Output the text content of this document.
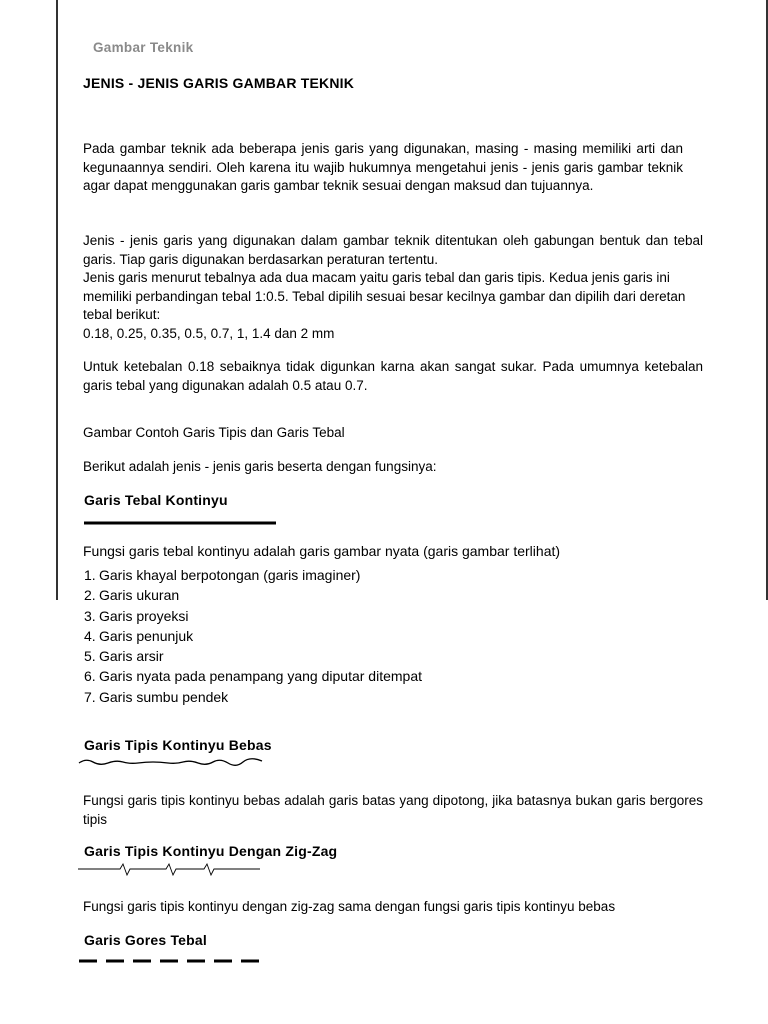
Gambar Teknik
JENIS - JENIS GARIS GAMBAR TEKNIK
Pada gambar teknik ada beberapa jenis garis yang digunakan, masing - masing memiliki arti dan kegunaannya sendiri. Oleh karena itu wajib hukumnya mengetahui jenis - jenis garis gambar teknik agar dapat menggunakan garis gambar teknik sesuai dengan maksud dan tujuannya.
Jenis - jenis garis yang digunakan dalam gambar teknik ditentukan oleh gabungan bentuk dan tebal garis. Tiap garis digunakan berdasarkan peraturan tertentu.
Jenis garis menurut tebalnya ada dua macam yaitu garis tebal dan garis tipis. Kedua jenis garis ini memiliki perbandingan tebal 1:0.5. Tebal dipilih sesuai besar kecilnya gambar dan dipilih dari deretan tebal berikut:
0.18, 0.25, 0.35, 0.5, 0.7, 1, 1.4 dan 2 mm
Untuk ketebalan 0.18 sebaiknya tidak digunkan karna akan sangat sukar. Pada umumnya ketebalan garis tebal yang digunakan adalah 0.5 atau 0.7.
Gambar Contoh Garis Tipis dan Garis Tebal
Berikut adalah jenis - jenis garis beserta dengan fungsinya:
Garis Tebal Kontinyu
Fungsi garis tebal kontinyu adalah garis gambar nyata (garis gambar terlihat)
1. Garis khayal berpotongan (garis imaginer)
2. Garis ukuran
3. Garis proyeksi
4. Garis penunjuk
5. Garis arsir
6. Garis nyata pada penampang yang diputar ditempat
7. Garis sumbu pendek
Garis Tipis Kontinyu Bebas
Fungsi garis tipis kontinyu bebas adalah garis batas yang dipotong, jika batasnya bukan garis bergores tipis
Garis Tipis Kontinyu Dengan Zig-Zag
Fungsi garis tipis kontinyu dengan zig-zag sama dengan fungsi garis tipis kontinyu bebas
Garis Gores Tebal
